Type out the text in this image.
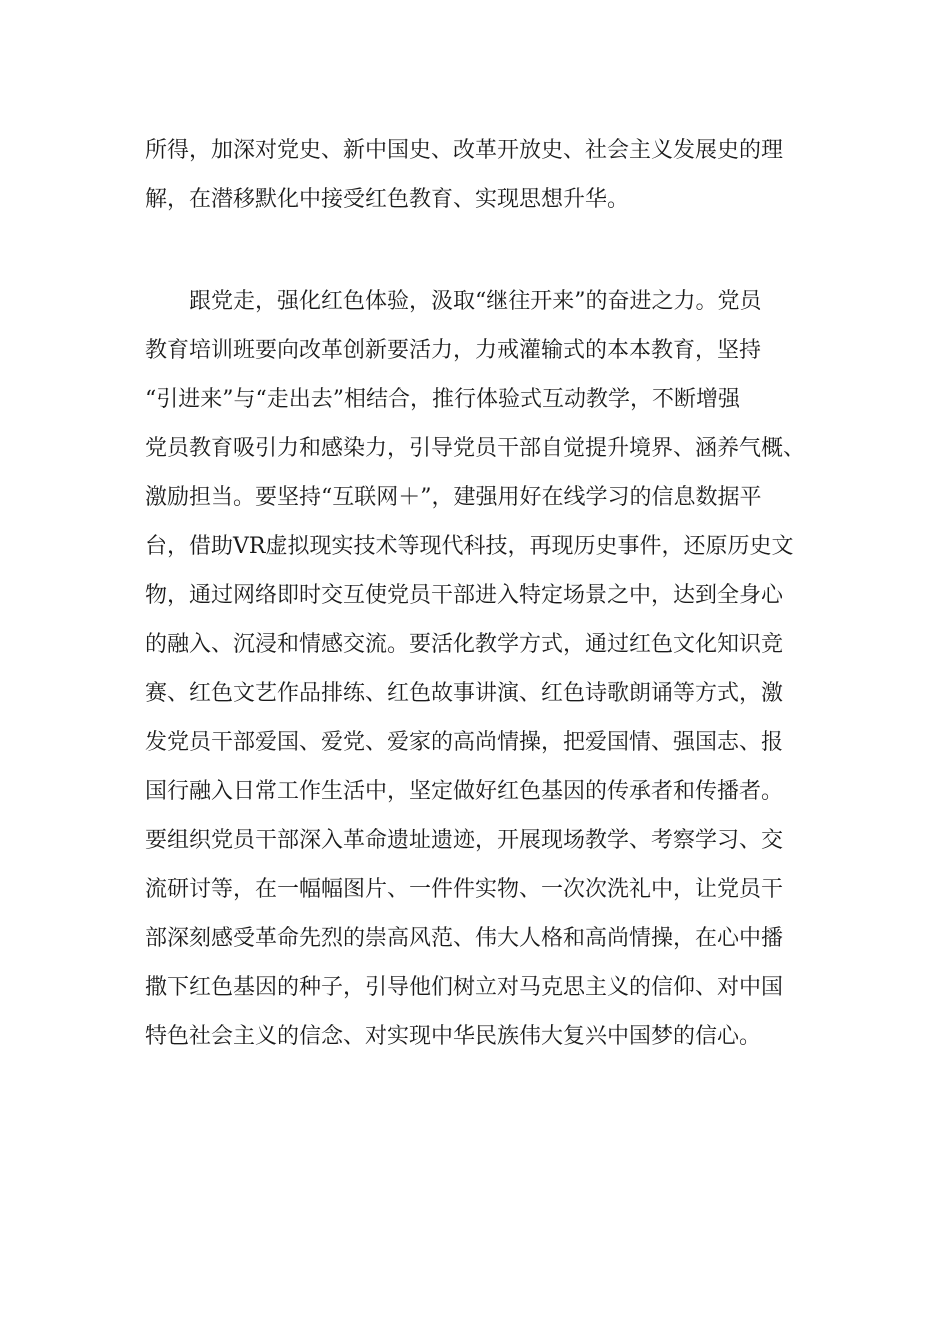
所得，加深对党史、新中国史、改革开放史、社会主义发展史的理
解，在潜移默化中接受红色教育、实现思想升华。
　　跟党走，强化红色体验，汲取“继往开来”的奋进之力。党员
教育培训班要向改革创新要活力，力戒灌输式的本本教育，坚持
“引进来”与“走出去”相结合，推行体验式互动教学，不断增强
党员教育吸引力和感染力，引导党员干部自觉提升境界、涵养气概、
激励担当。要坚持“互联网＋”，建强用好在线学习的信息数据平
台，借助VR虚拟现实技术等现代科技，再现历史事件，还原历史文
物，通过网络即时交互使党员干部进入特定场景之中，达到全身心
的融入、沉浸和情感交流。要活化教学方式，通过红色文化知识竞
赛、红色文艺作品排练、红色故事讲演、红色诗歌朗诵等方式，激
发党员干部爱国、爱党、爱家的高尚情操，把爱国情、强国志、报
国行融入日常工作生活中，坚定做好红色基因的传承者和传播者。
要组织党员干部深入革命遗址遗迹，开展现场教学、考察学习、交
流研讨等，在一幅幅图片、一件件实物、一次次洗礼中，让党员干
部深刻感受革命先烈的崇高风范、伟大人格和高尚情操，在心中播
撒下红色基因的种子，引导他们树立对马克思主义的信仰、对中国
特色社会主义的信念、对实现中华民族伟大复兴中国梦的信心。
